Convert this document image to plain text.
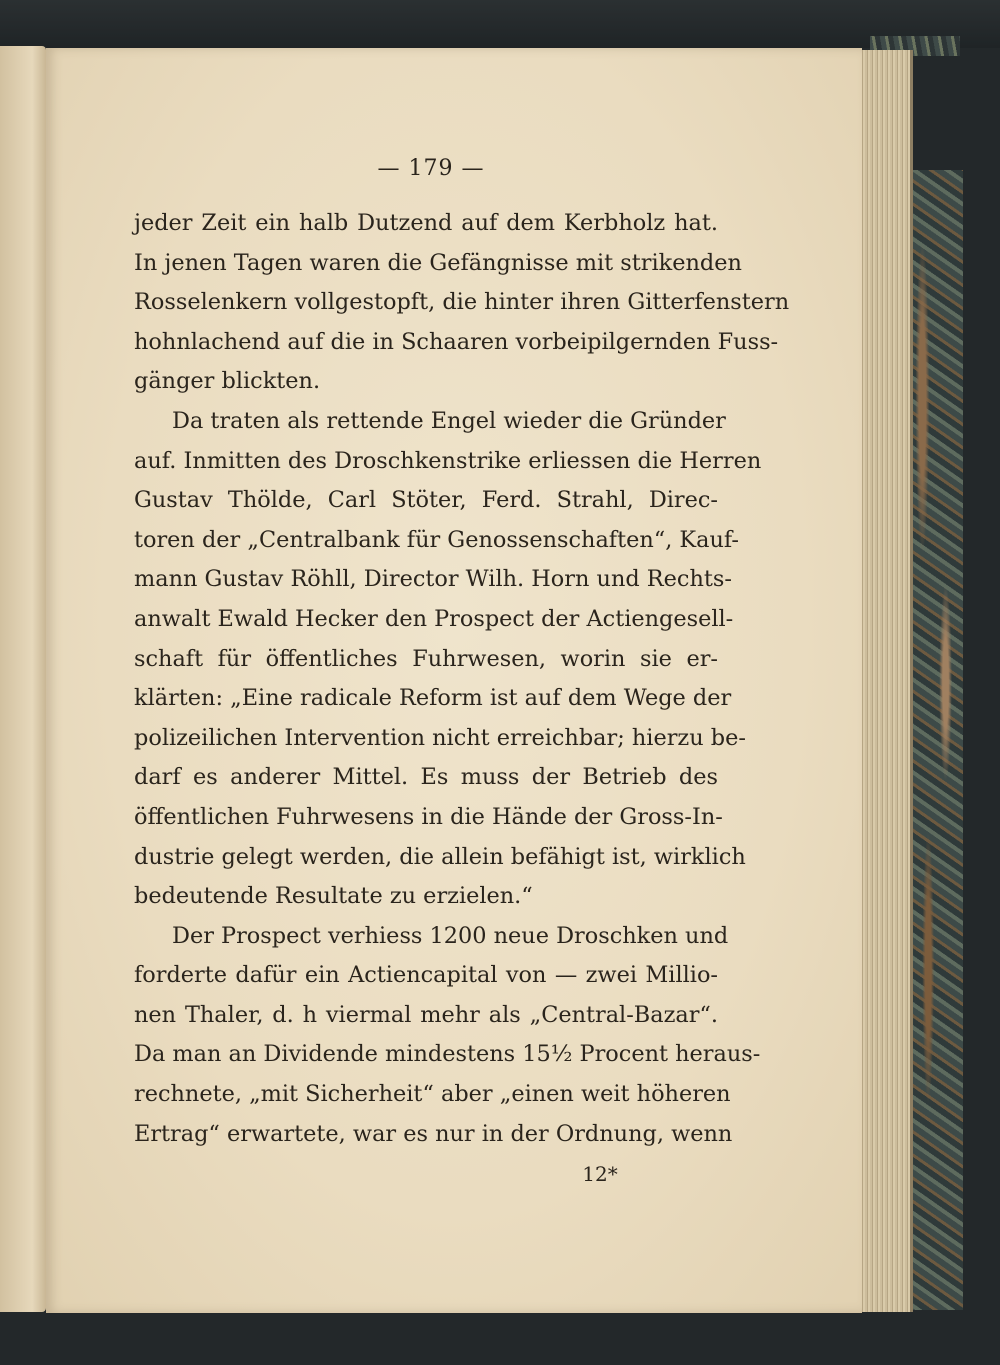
— 179 —
jeder Zeit ein halb Dutzend auf dem Kerbholz hat.
In jenen Tagen waren die Gefängnisse mit strikenden
Rosselenkern vollgestopft, die hinter ihren Gitterfenstern
hohnlachend auf die in Schaaren vorbeipilgernden Fuss-
gänger blickten.
Da traten als rettende Engel wieder die Gründer
auf. Inmitten des Droschkenstrike erliessen die Herren
Gustav Thölde, Carl Stöter, Ferd. Strahl, Direc-
toren der „Centralbank für Genossenschaften“, Kauf-
mann Gustav Röhll, Director Wilh. Horn und Rechts-
anwalt Ewald Hecker den Prospect der Actiengesell-
schaft für öffentliches Fuhrwesen, worin sie er-
klärten: „Eine radicale Reform ist auf dem Wege der
polizeilichen Intervention nicht erreichbar; hierzu be-
darf es anderer Mittel. Es muss der Betrieb des
öffentlichen Fuhrwesens in die Hände der Gross-In-
dustrie gelegt werden, die allein befähigt ist, wirklich
bedeutende Resultate zu erzielen.“
Der Prospect verhiess 1200 neue Droschken und
forderte dafür ein Actiencapital von — zwei Millio-
nen Thaler, d. h viermal mehr als „Central-Bazar“.
Da man an Dividende mindestens 15½ Procent heraus-
rechnete, „mit Sicherheit“ aber „einen weit höheren
Ertrag“ erwartete, war es nur in der Ordnung, wenn
12*
